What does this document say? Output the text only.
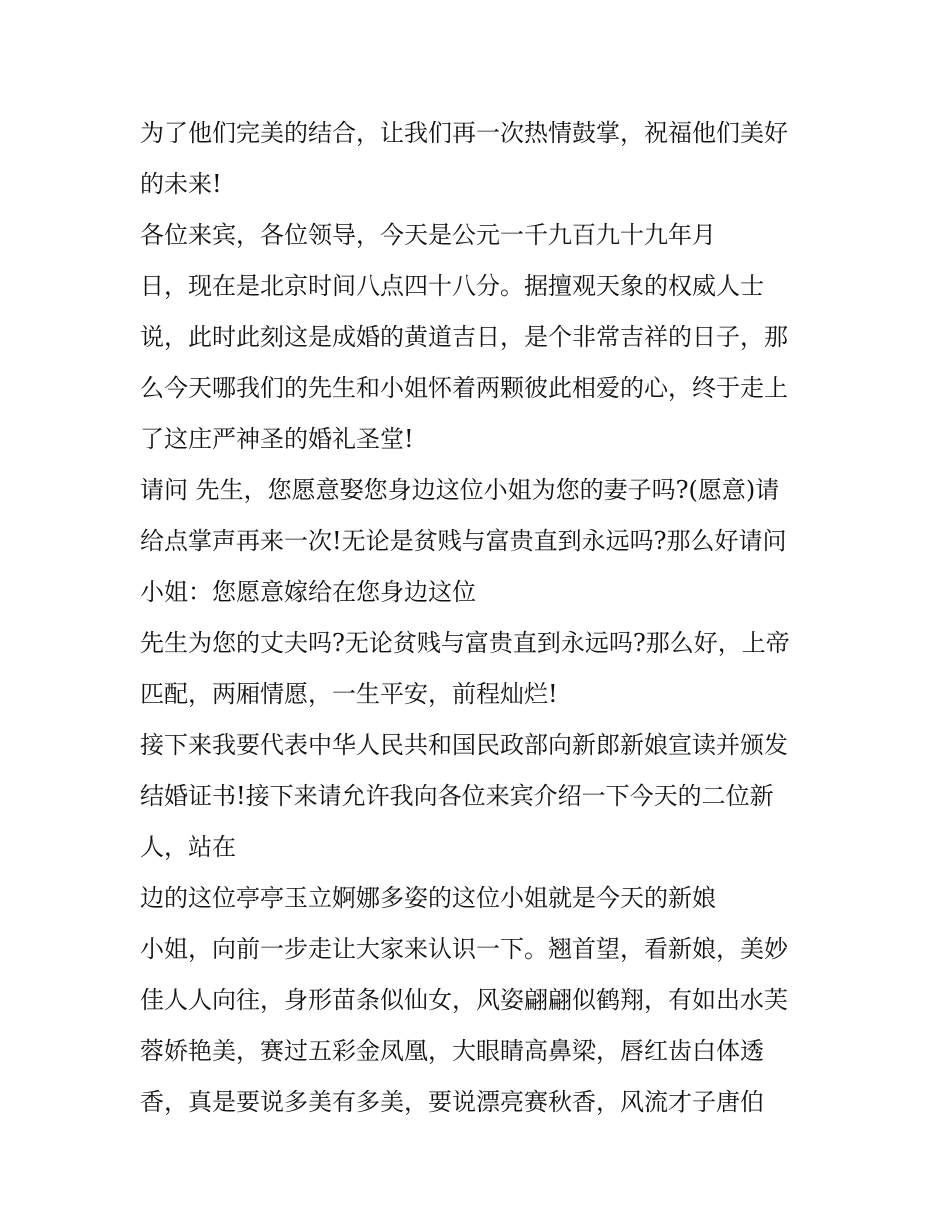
为了他们完美的结合，让我们再一次热情鼓掌，祝福他们美好
的未来!
各位来宾，各位领导，今天是公元一千九百九十九年月
日，现在是北京时间八点四十八分。据擅观天象的权威人士
说，此时此刻这是成婚的黄道吉日，是个非常吉祥的日子，那
么今天哪我们的先生和小姐怀着两颗彼此相爱的心，终于走上
了这庄严神圣的婚礼圣堂!
请问 先生，您愿意娶您身边这位小姐为您的妻子吗?(愿意)请
给点掌声再来一次!无论是贫贱与富贵直到永远吗?那么好请问
小姐：您愿意嫁给在您身边这位
先生为您的丈夫吗?无论贫贱与富贵直到永远吗?那么好，上帝
匹配，两厢情愿，一生平安，前程灿烂!
接下来我要代表中华人民共和国民政部向新郎新娘宣读并颁发
结婚证书!接下来请允许我向各位来宾介绍一下今天的二位新
人，站在
边的这位亭亭玉立婀娜多姿的这位小姐就是今天的新娘
小姐，向前一步走让大家来认识一下。翘首望，看新娘，美妙
佳人人向往，身形苗条似仙女，风姿翩翩似鹤翔，有如出水芙
蓉娇艳美，赛过五彩金凤凰，大眼睛高鼻梁，唇红齿白体透
香，真是要说多美有多美，要说漂亮赛秋香，风流才子唐伯
